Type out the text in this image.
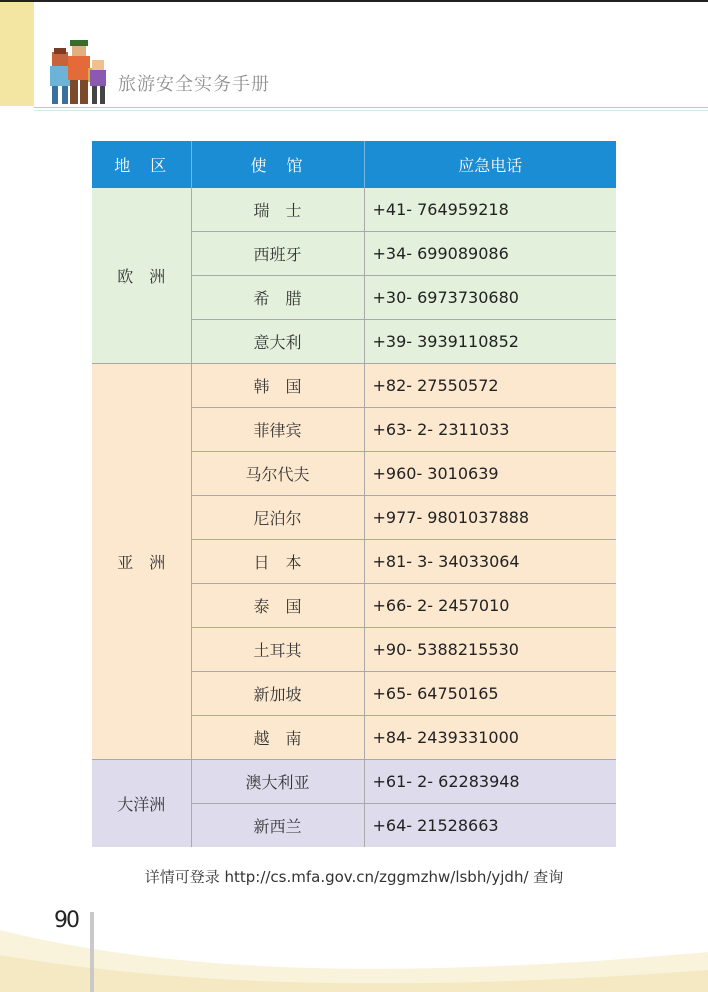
旅游安全实务手册
地　区	使　馆	应急电话
欧　洲	瑞　士	+41- 764959218
	西班牙	+34- 699089086
	希　腊	+30- 6973730680
	意大利	+39- 3939110852
亚　洲	韩　国	+82- 27550572
	菲律宾	+63- 2- 2311033
	马尔代夫	+960- 3010639
	尼泊尔	+977- 9801037888
	日　本	+81- 3- 34033064
	泰　国	+66- 2- 2457010
	土耳其	+90- 5388215530
	新加坡	+65- 64750165
	越　南	+84- 2439331000
大洋洲	澳大利亚	+61- 2- 62283948
	新西兰	+64- 21528663
详情可登录 http://cs.mfa.gov.cn/zggmzhw/lsbh/yjdh/ 查询
90
